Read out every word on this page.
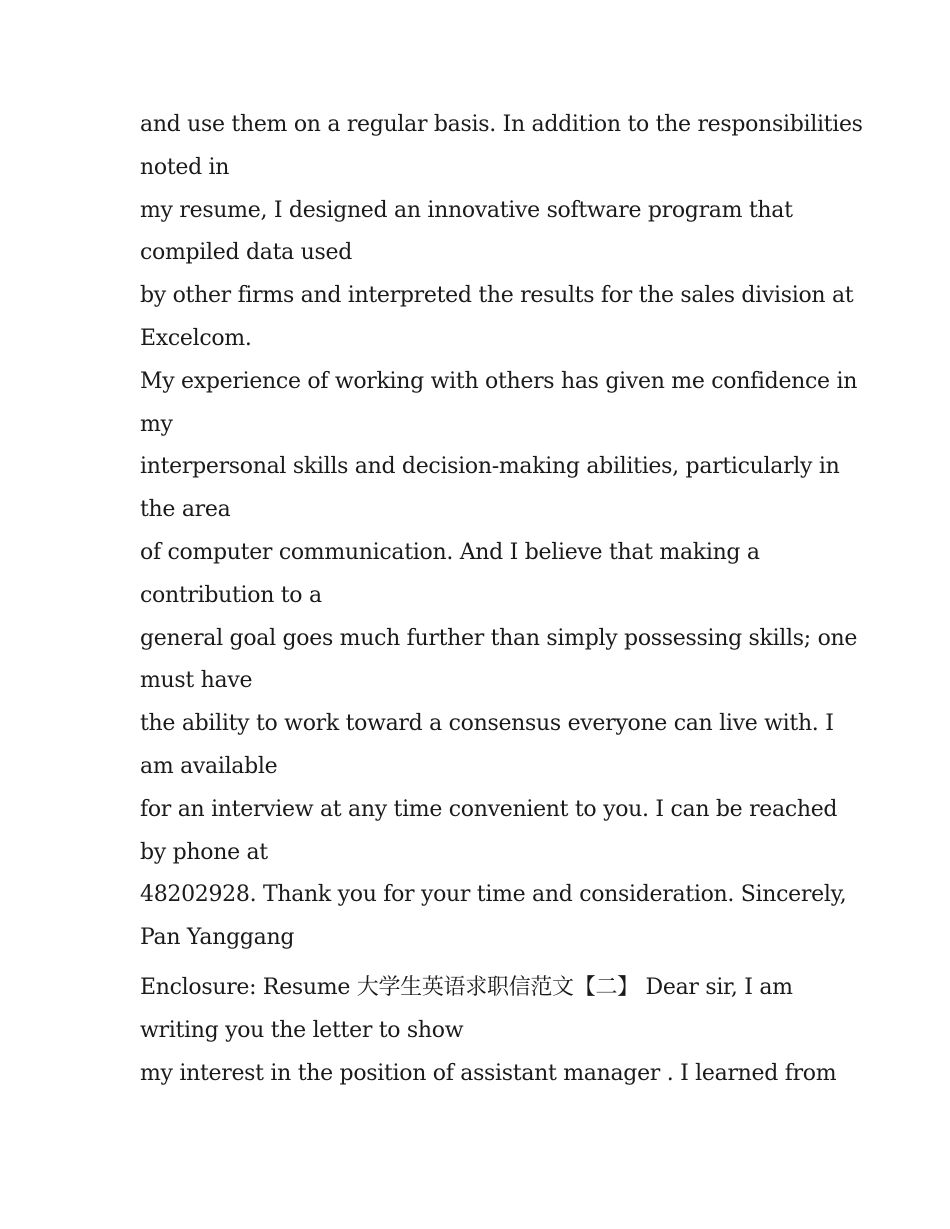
and use them on a regular basis. In addition to the responsibilities
noted in
my resume, I designed an innovative software program that
compiled data used
by other firms and interpreted the results for the sales division at
Excelcom.
My experience of working with others has given me confidence in
my
interpersonal skills and decision-making abilities, particularly in
the area
of computer communication. And I believe that making a
contribution to a
general goal goes much further than simply possessing skills; one
must have
the ability to work toward a consensus everyone can live with. I
am available
for an interview at any time convenient to you. I can be reached
by phone at
48202928. Thank you for your time and consideration. Sincerely,
Pan Yanggang
Enclosure: Resume 大学生英语求职信范文【二】 Dear sir, I am
writing you the letter to show
my interest in the position of assistant manager . I learned from
